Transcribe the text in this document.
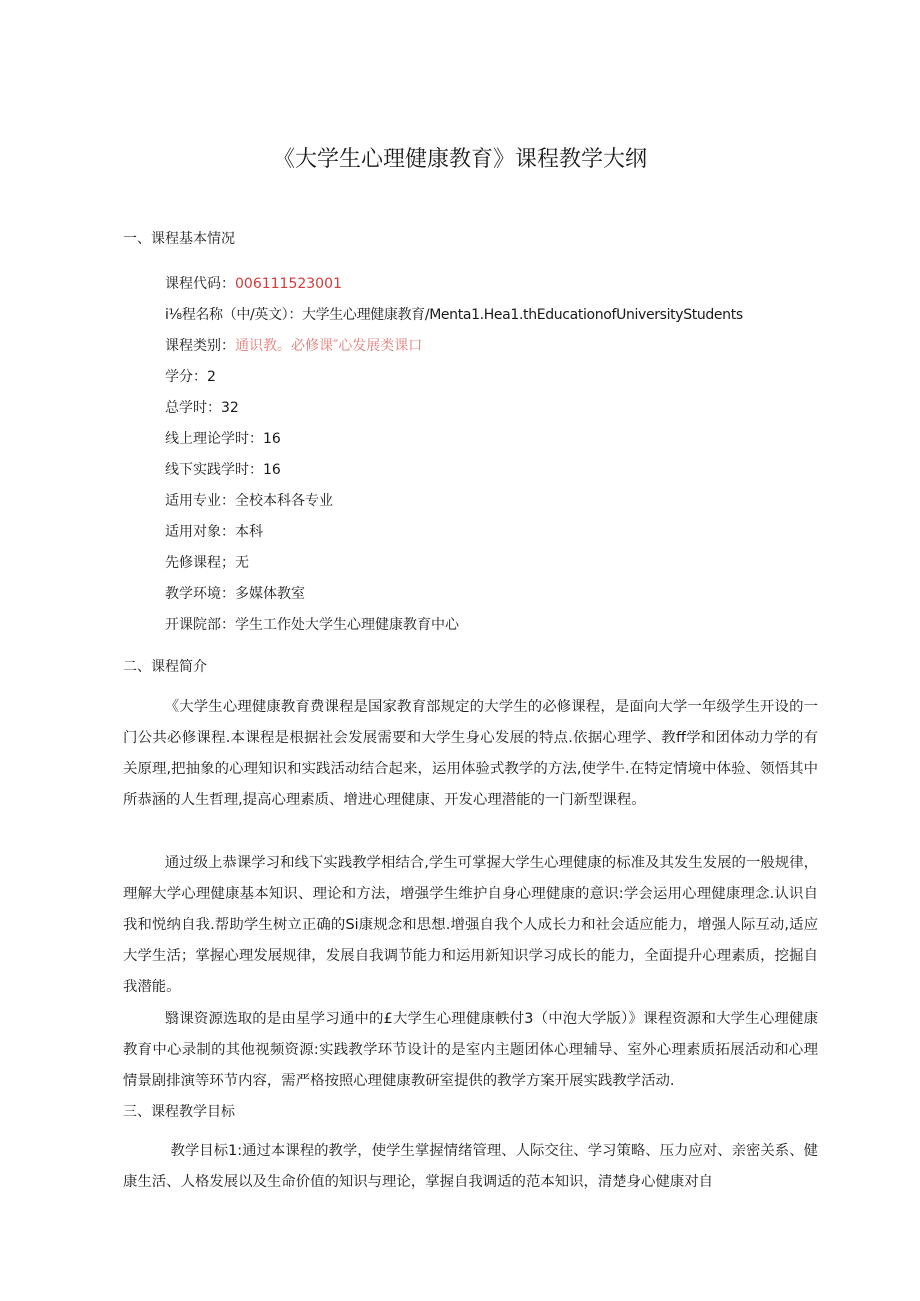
《大学生心理健康教育》课程教学大纲
一、课程基本情况
课程代码：006111523001
i⅛程名称（中/英文）：大学生心理健康教育/Menta1.Hea1.thEducationofUniversityStudents
课程类别：通识教。必修课″心发展类课口
学分：2
总学时：32
线上理论学时：16
线下实践学时：16
适用专业：全校本科各专业
适用对象：本科
先修课程；无
教学环境：多媒体教室
开课院部：学生工作处大学生心理健康教育中心
二、课程简介

《大学生心理健康教育费课程是国家教育部规定的大学生的必修课程，是面向大学一年级学生开设的一门公共必修课程.本课程是根据社会发展需要和大学生身心发展的特点.依据心理学、教ff学和团体动力学的有关原理,把抽象的心理知识和实践活动结合起来，运用体验式教学的方法,使学牛.在特定情境中体验、领悟其中所恭涵的人生哲理,提高心理素质、增进心理健康、开发心理潜能的一门新型课程。

通过级上恭课学习和线下实践教学相结合,学生可掌握大学生心理健康的标准及其发生发展的一般规律，理解大学心理健康基本知识、理论和方法，增强学生维护自身心理健康的意识:学会运用心理健康理念.认识自我和悦纳自我.帮助学生树立正确的Si康规念和思想.增强自我个人成长力和社会适应能力，增强人际互动,适应大学生活；掌握心理发展规律，发展自我调节能力和运用新知识学习成长的能力，全面提升心理素质，挖掘自我潜能。

翳课资源选取的是由星学习通中的£大学生心理健康軼付3（中泡大学版）》课程资源和大学生心理健康教育中心录制的其他视频资源:实践教学环节设计的是室内主题团体心理辅导、室外心理素质拓展活动和心理情景剧排演等环节内容，需严格按照心理健康教研室提供的教学方案开展实践教学活动.

三、课程教学目标

教学目标1:通过本课程的教学，使学生掌握情绪管理、人际交往、学习策略、压力应对、亲密关系、健康生活、人格发展以及生命价值的知识与理论，掌握自我调适的范本知识，清楚身心健康对自
